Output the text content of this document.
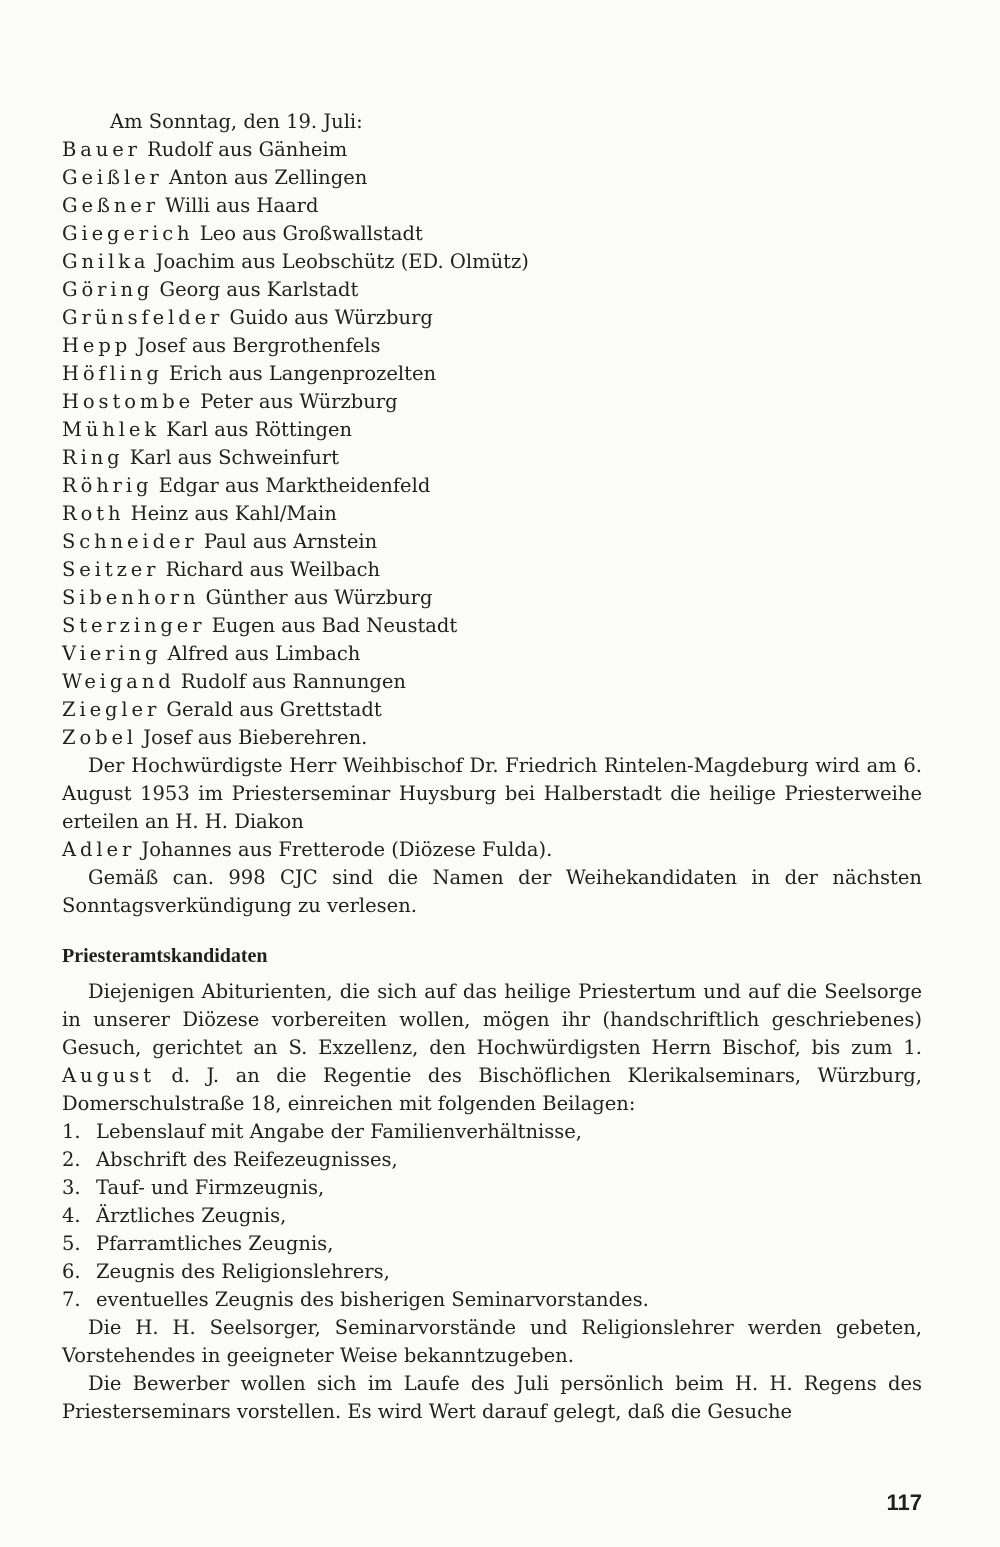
Am Sonntag, den 19. Juli:
Bauer Rudolf aus Gänheim
Geißler Anton aus Zellingen
Geßner Willi aus Haard
Giegerich Leo aus Großwallstadt
Gnilka Joachim aus Leobschütz (ED. Olmütz)
Göring Georg aus Karlstadt
Grünsfelder Guido aus Würzburg
Hepp Josef aus Bergrothenfels
Höfling Erich aus Langenprozelten
Hostombe Peter aus Würzburg
Mühlek Karl aus Röttingen
Ring Karl aus Schweinfurt
Röhrig Edgar aus Marktheidenfeld
Roth Heinz aus Kahl/Main
Schneider Paul aus Arnstein
Seitzer Richard aus Weilbach
Sibenhorn Günther aus Würzburg
Sterzinger Eugen aus Bad Neustadt
Viering Alfred aus Limbach
Weigand Rudolf aus Rannungen
Ziegler Gerald aus Grettstadt
Zobel Josef aus Bieberehren.
Der Hochwürdigste Herr Weihbischof Dr. Friedrich Rintelen-Magdeburg wird am 6. August 1953 im Priesterseminar Huysburg bei Halberstadt die heilige Priesterweihe erteilen an H. H. Diakon
Adler Johannes aus Fretterode (Diözese Fulda).
Gemäß can. 998 CJC sind die Namen der Weihekandidaten in der nächsten Sonntagsverkündigung zu verlesen.
Priesteramtskandidaten
Diejenigen Abiturienten, die sich auf das heilige Priestertum und auf die Seelsorge in unserer Diözese vorbereiten wollen, mögen ihr (handschriftlich geschriebenes) Gesuch, gerichtet an S. Exzellenz, den Hochwürdigsten Herrn Bischof, bis zum 1. August d. J. an die Regentie des Bischöflichen Klerikalseminars, Würzburg, Domerschulstraße 18, einreichen mit folgenden Beilagen:
1. Lebenslauf mit Angabe der Familienverhältnisse,
2. Abschrift des Reifezeugnisses,
3. Tauf- und Firmzeugnis,
4. Ärztliches Zeugnis,
5. Pfarramtliches Zeugnis,
6. Zeugnis des Religionslehrers,
7. eventuelles Zeugnis des bisherigen Seminarvorstandes.
Die H. H. Seelsorger, Seminarvorstände und Religionslehrer werden gebeten, Vorstehendes in geeigneter Weise bekanntzugeben.
Die Bewerber wollen sich im Laufe des Juli persönlich beim H. H. Regens des Priesterseminars vorstellen. Es wird Wert darauf gelegt, daß die Gesuche
117
